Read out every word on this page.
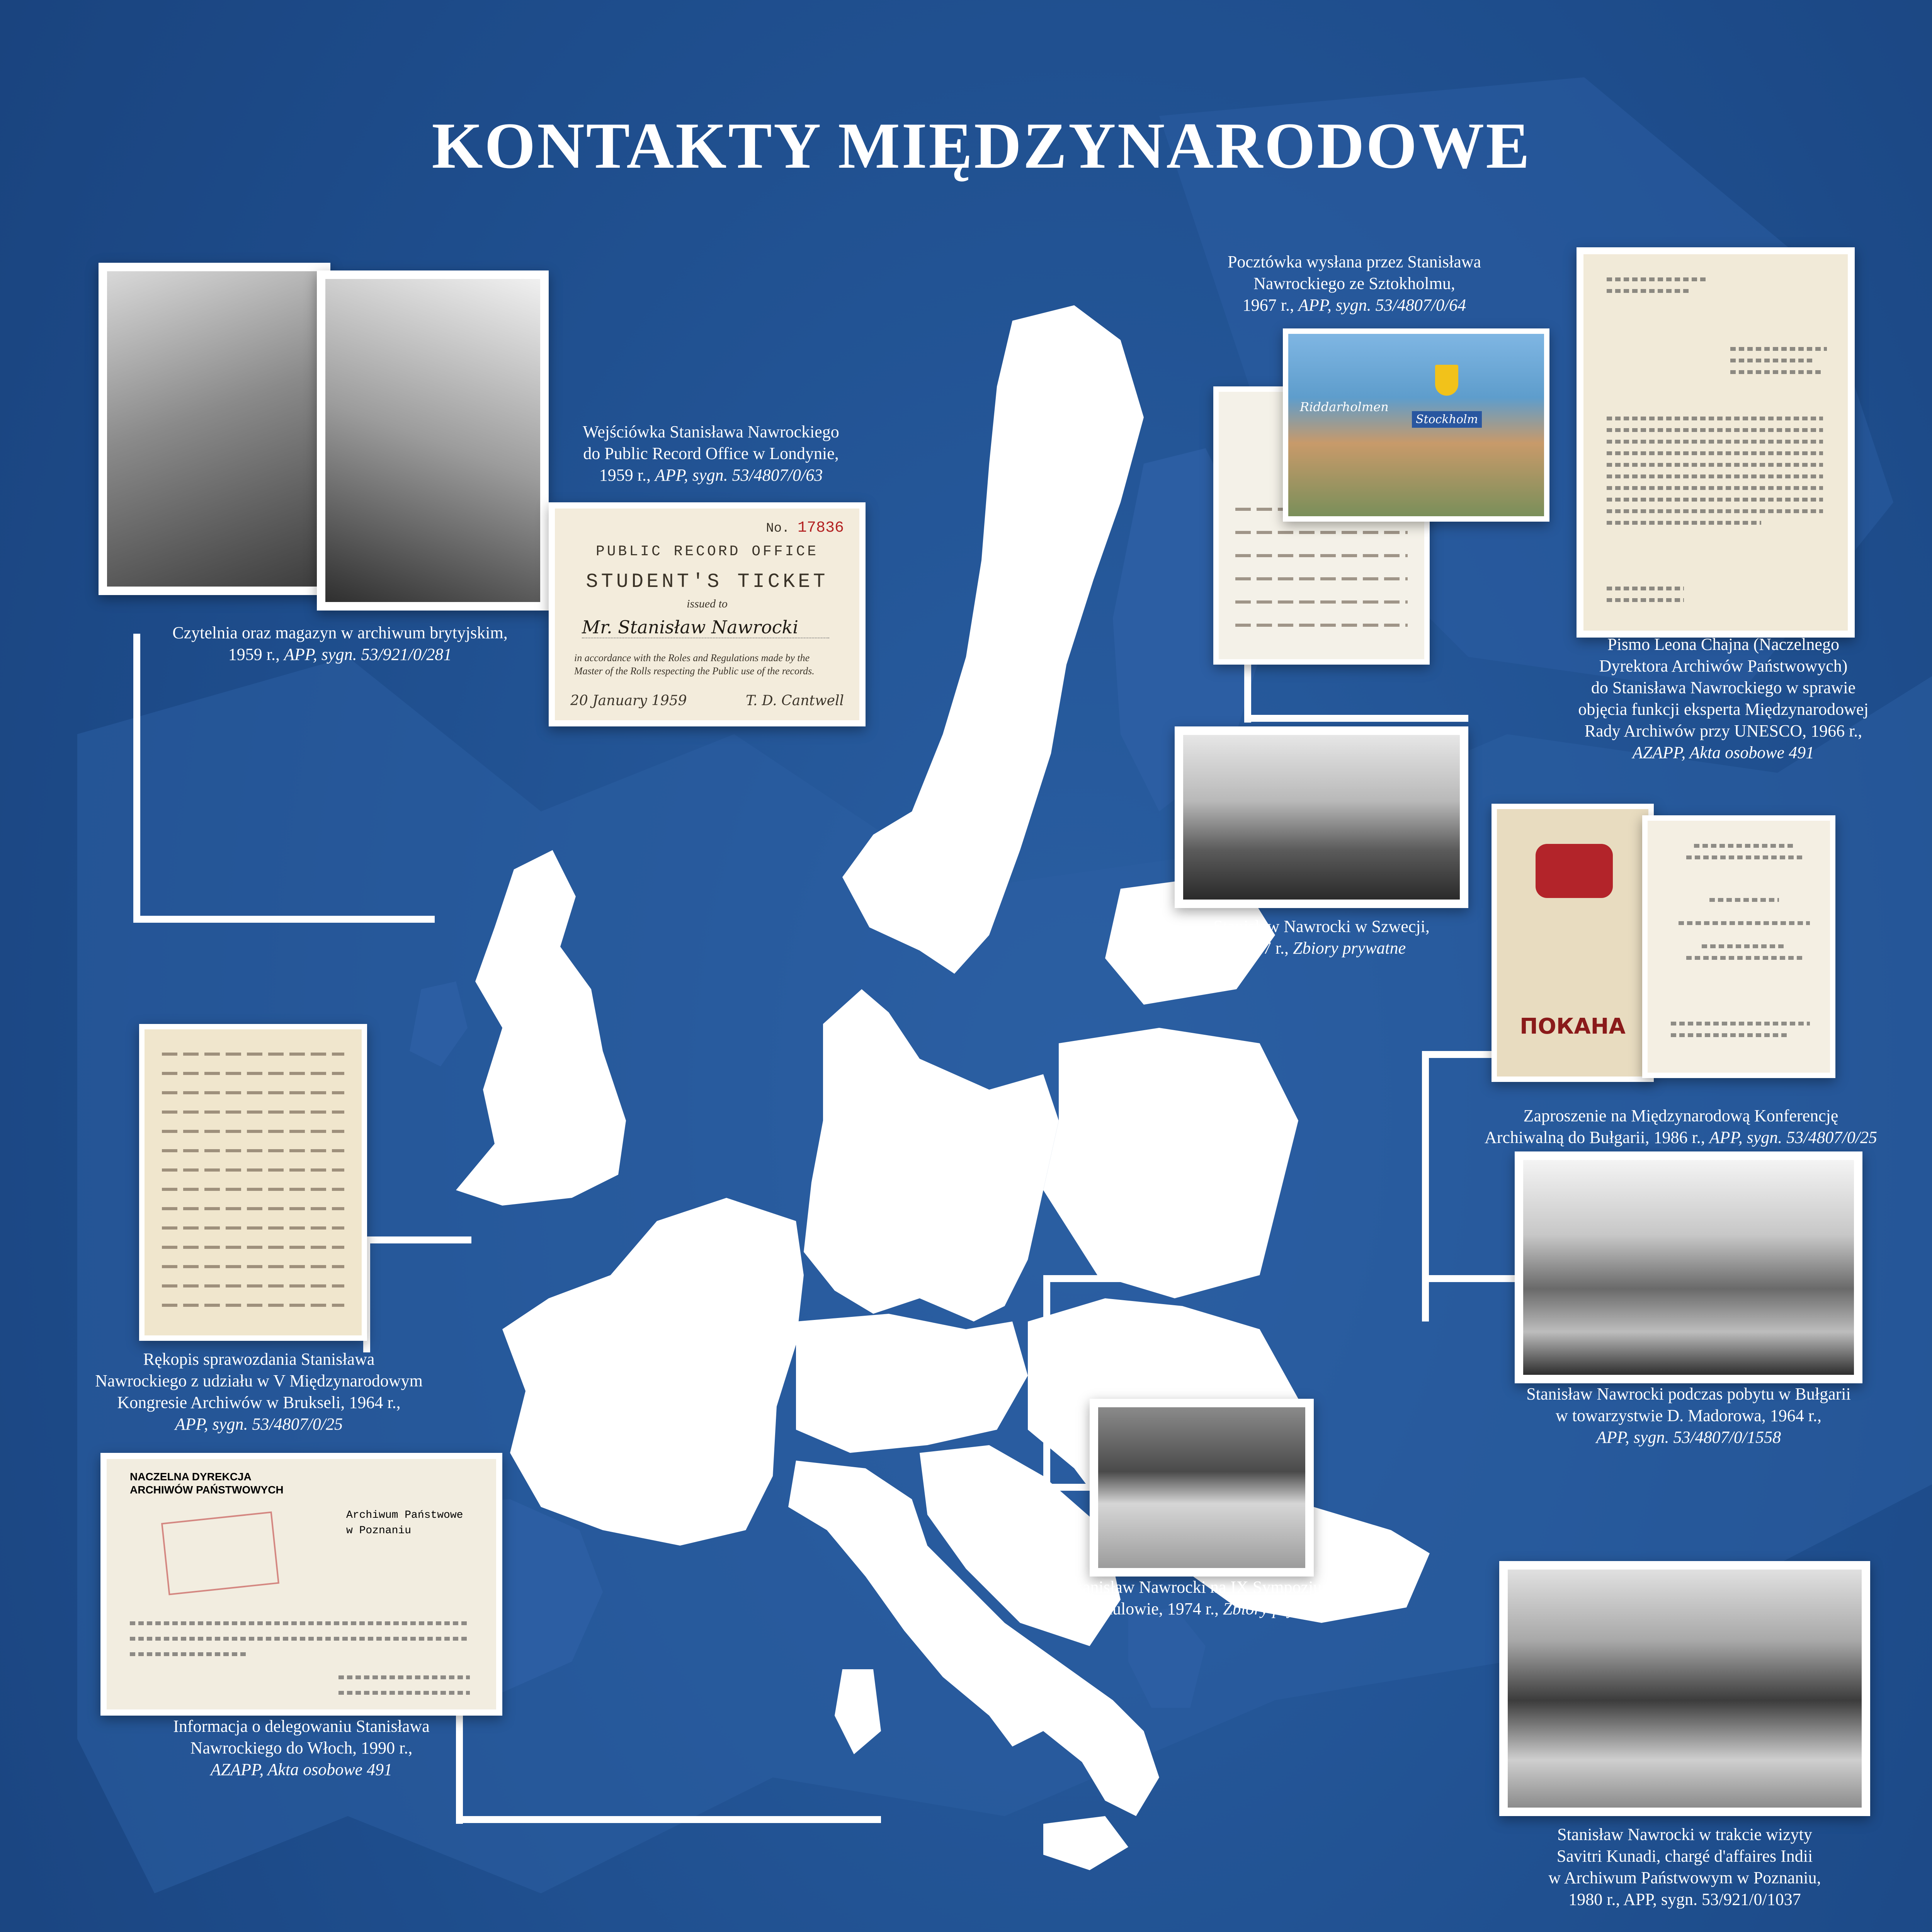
KONTAKTY MIĘDZYNARODOWE
Czytelnia oraz magazyn w archiwum brytyjskim,
1959 r., APP, sygn. 53/921/0/281
Wejściówka Stanisława Nawrockiego
do Public Record Office w Londynie,
1959 r., APP, sygn. 53/4807/0/63
No. 17836
PUBLIC RECORD OFFICE
STUDENT'S TICKET
issued to
Mr. Stanisław Nawrocki
in accordance with the Roles and Regulations made by the Master of the Rolls respecting the Public use of the records.
20 January 1959	T. D. Cantwell
Pocztówka wysłana przez Stanisława
Nawrockiego ze Sztokholmu,
1967 r., APP, sygn. 53/4807/0/64
Riddarholmen
Stockholm
Pismo Leona Chajna (Naczelnego
Dyrektora Archiwów Państwowych)
do Stanisława Nawrockiego w sprawie
objęcia funkcji eksperta Międzynarodowej
Rady Archiwów przy UNESCO, 1966 r.,
AZAPP, Akta osobowe 491
Stanisław Nawrocki w Szwecji,
1967 r., Zbiory prywatne
ПОКАНА
Zaproszenie na Międzynarodową Konferencję
Archiwalną do Bułgarii, 1986 r., APP, sygn. 53/4807/0/25
Stanisław Nawrocki podczas pobytu w Bułgarii
w towarzystwie D. Madorowa, 1964 r.,
APP, sygn. 53/4807/0/1558
Rękopis sprawozdania Stanisława
Nawrockiego z udziału w V Międzynarodowym
Kongresie Archiwów w Brukseli, 1964 r.,
APP, sygn. 53/4807/0/25
NACZELNA DYREKCJA
ARCHIWÓW PAŃSTWOWYCH
Archiwum Państwowe
w Poznaniu
Informacja o delegowaniu Stanisława
Nawrockiego do Włoch, 1990 r.,
AZAPP, Akta osobowe 491
Stanisław Nawrocki na IX Sympozjum
w Mikulowie, 1974 r., Zbiory prywatne
Stanisław Nawrocki w trakcie wizyty
Savitri Kunadi, chargé d'affaires Indii
w Archiwum Państwowym w Poznaniu,
1980 r., APP, sygn. 53/921/0/1037
